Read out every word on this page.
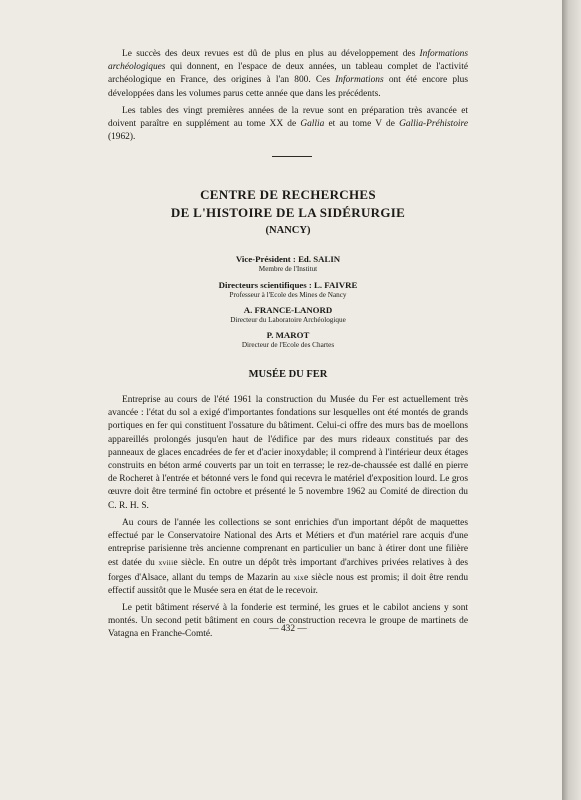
Le succès des deux revues est dû de plus en plus au développement des Informations archéologiques qui donnent, en l'espace de deux années, un tableau complet de l'activité archéologique en France, des origines à l'an 800. Ces Informations ont été encore plus développées dans les volumes parus cette année que dans les précédents.

Les tables des vingt premières années de la revue sont en préparation très avancée et doivent paraître en supplément au tome XX de Gallia et au tome V de Gallia-Préhistoire (1962).

CENTRE DE RECHERCHES
DE L'HISTOIRE DE LA SIDÉRURGIE
(NANCY)
Vice-Président : Ed. SALIN
Membre de l'Institut
Directeurs scientifiques : L. FAIVRE
Professeur à l'Ecole des Mines de Nancy
A. FRANCE-LANORD
Directeur du Laboratoire Archéologique
P. MAROT
Directeur de l'Ecole des Chartes
MUSÉE DU FER

Entreprise au cours de l'été 1961 la construction du Musée du Fer est actuellement très avancée : l'état du sol a exigé d'importantes fondations sur lesquelles ont été montés de grands portiques en fer qui constituent l'ossature du bâtiment. Celui-ci offre des murs bas de moellons appareillés prolongés jusqu'en haut de l'édifice par des murs rideaux constitués par des panneaux de glaces encadrées de fer et d'acier inoxydable; il comprend à l'intérieur deux étages construits en béton armé couverts par un toit en terrasse; le rez-de-chaussée est dallé en pierre de Rocheret à l'entrée et bétonné vers le fond qui recevra le matériel d'exposition lourd. Le gros œuvre doit être terminé fin octobre et présenté le 5 novembre 1962 au Comité de direction du C. R. H. S.

Au cours de l'année les collections se sont enrichies d'un important dépôt de maquettes effectué par le Conservatoire National des Arts et Métiers et d'un matériel rare acquis d'une entreprise parisienne très ancienne comprenant en particulier un banc à étirer dont une filière est datée du xviiie siècle. En outre un dépôt très important d'archives privées relatives à des forges d'Alsace, allant du temps de Mazarin au xixe siècle nous est promis; il doit être rendu effectif aussitôt que le Musée sera en état de le recevoir.

Le petit bâtiment réservé à la fonderie est terminé, les grues et le cabilot anciens y sont montés. Un second petit bâtiment en cours de construction recevra le groupe de martinets de Vatagna en Franche-Comté.

— 432 —
